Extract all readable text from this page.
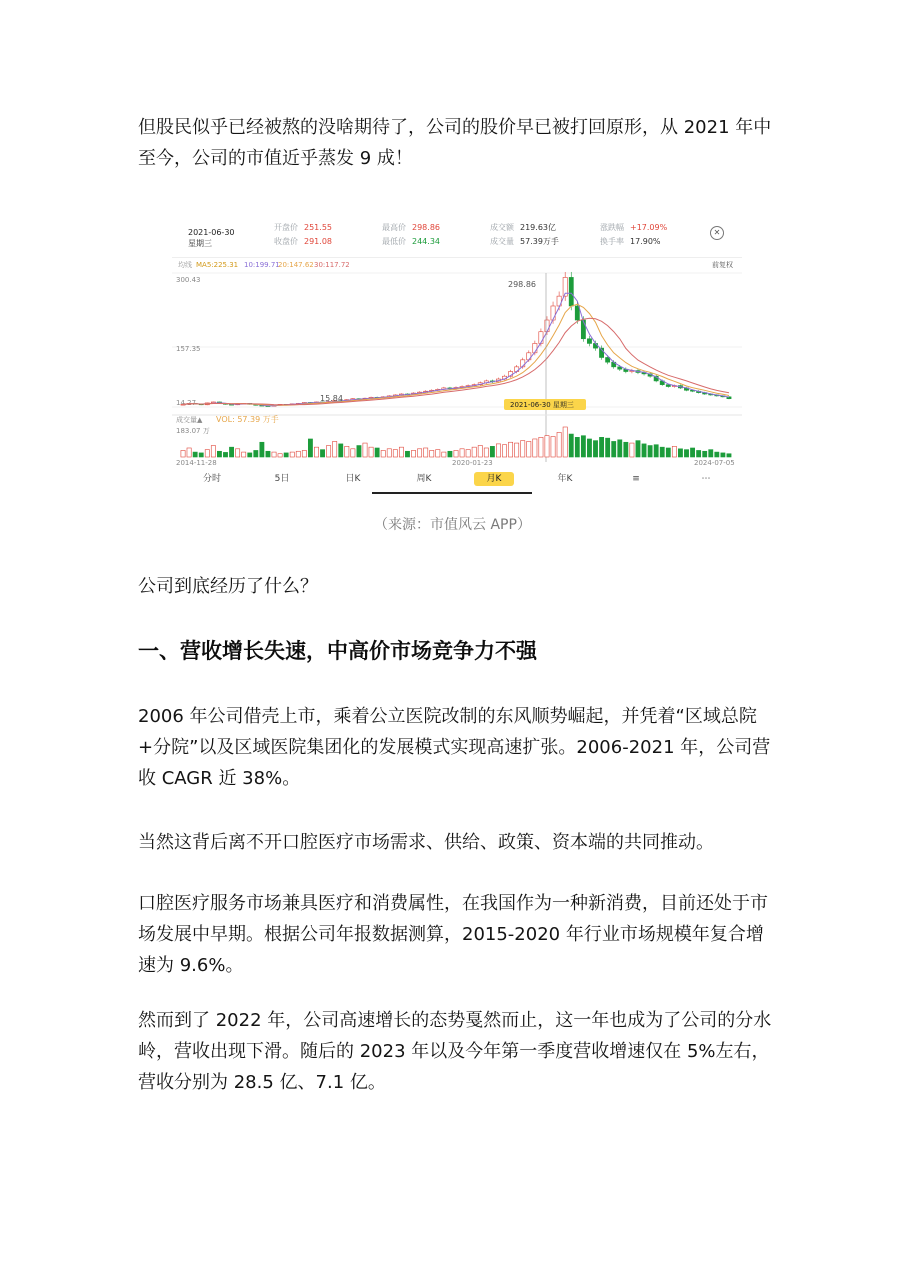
但股民似乎已经被熬的没啥期待了，公司的股价早已被打回原形，从 2021 年中至今，公司的市值近乎蒸发 9 成！

2021-06-30
星期三
开盘价 251.55
收盘价 291.08
最高价 298.86
最低价 244.34
成交额 219.63亿
成交量 57.39万手
涨跌幅 +17.09%
换手率 17.90%
✕
均线 MA5:225.31 10:199.71
20:147.62 30:117.72	前复权
300.43
157.35
14.27
298.86
15.84
2021-06-30 星期三
成交量▲ VOL: 57.39 万手
183.07 万
2014-11-28	2020-01-23	2024-07-05
分时	5日	日K	周K	月K	年K	≡	⋯
（来源：市值风云 APP）

公司到底经历了什么？

一、营收增长失速，中高价市场竞争力不强

2006 年公司借壳上市，乘着公立医院改制的东风顺势崛起，并凭着“区域总院+分院”以及区域医院集团化的发展模式实现高速扩张。2006-2021 年，公司营收 CAGR 近 38%。

当然这背后离不开口腔医疗市场需求、供给、政策、资本端的共同推动。

口腔医疗服务市场兼具医疗和消费属性，在我国作为一种新消费，目前还处于市场发展中早期。根据公司年报数据测算，2015-2020 年行业市场规模年复合增速为 9.6%。

然而到了 2022 年，公司高速增长的态势戛然而止，这一年也成为了公司的分水岭，营收出现下滑。随后的 2023 年以及今年第一季度营收增速仅在 5%左右，营收分别为 28.5 亿、7.1 亿。
